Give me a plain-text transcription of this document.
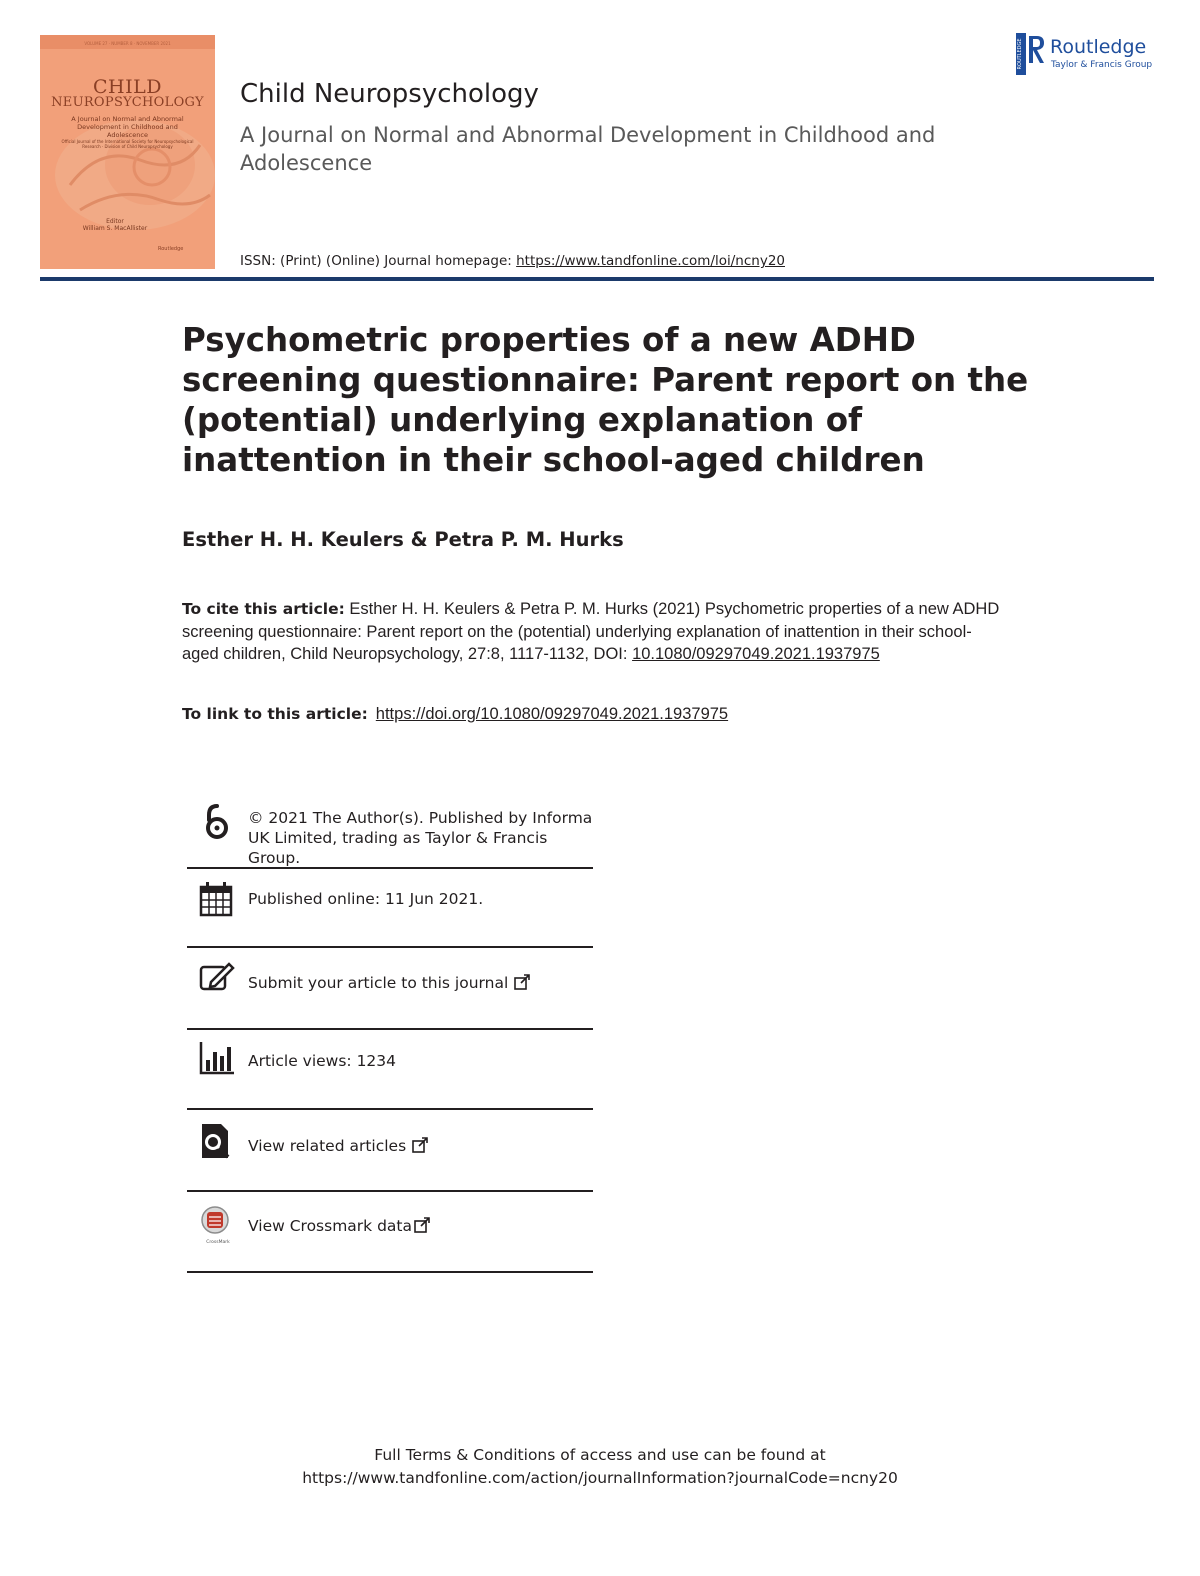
VOLUME 27 · NUMBER 8 · NOVEMBER 2021
CHILD
NEUROPSYCHOLOGY
A Journal on Normal and Abnormal Development in Childhood and Adolescence
Official Journal of the International Society for Neuropsychological Research · Division of Child Neuropsychology
Editor
William S. MacAllister
Routledge
Child Neuropsychology
A Journal on Normal and Abnormal Development in Childhood and Adolescence
ISSN: (Print) (Online) Journal homepage: https://www.tandfonline.com/loi/ncny20
ROUTLEDGE Routledge
Taylor & Francis Group
Psychometric properties of a new ADHD screening questionnaire: Parent report on the (potential) underlying explanation of inattention in their school-aged children
Esther H. H. Keulers & Petra P. M. Hurks
To cite this article: Esther H. H. Keulers & Petra P. M. Hurks (2021) Psychometric properties of a new ADHD screening questionnaire: Parent report on the (potential) underlying explanation of inattention in their school-aged children, Child Neuropsychology, 27:8, 1117-1132, DOI: 10.1080/09297049.2021.1937975
To link to this article: https://doi.org/10.1080/09297049.2021.1937975
© 2021 The Author(s). Published by Informa UK Limited, trading as Taylor & Francis Group.
Published online: 11 Jun 2021.
Submit your article to this journal
Article views: 1234
View related articles
CrossMark
View Crossmark data
Full Terms & Conditions of access and use can be found at
https://www.tandfonline.com/action/journalInformation?journalCode=ncny20
